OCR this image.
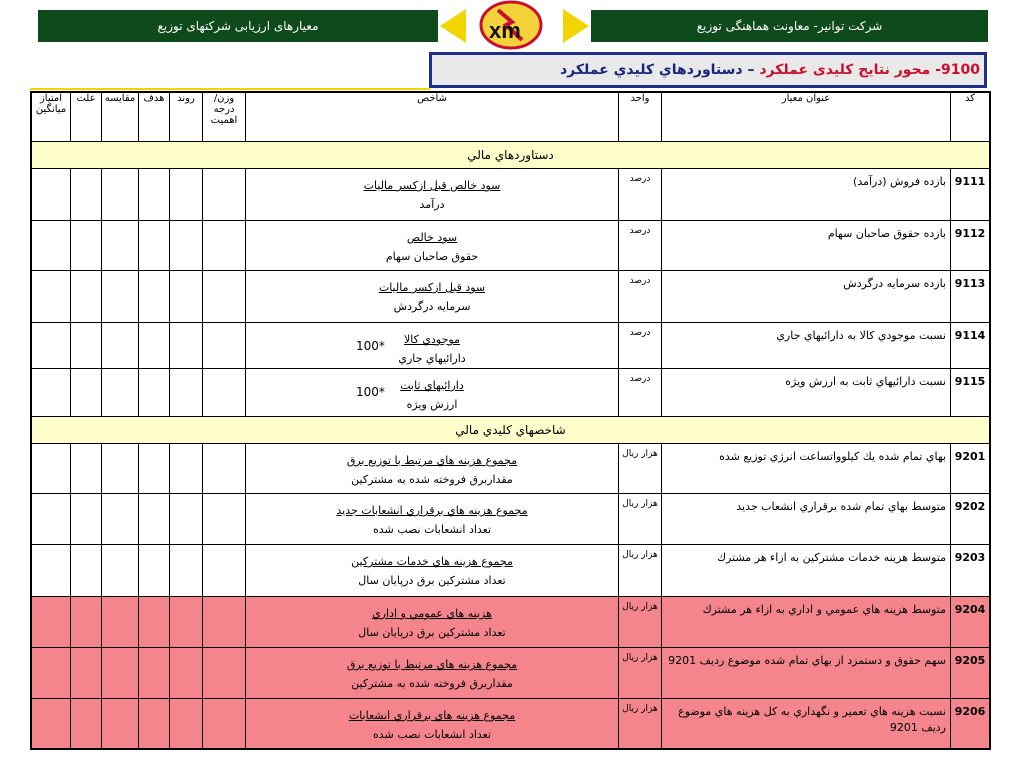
معیارهای ارزیابی شرکتهای توزیع	xm	شرکت توانیر- معاونت هماهنگی توزیع
9100- محور نتایج کلیدی عملکرد
–
دستاوردهاي كليدي عملكرد
کد	عنوان معيار	واحد	شاخص	وزن/ درجه اهميت	روند	هدف	مقايسه	علت	امتياز ميانگين
دستاوردهاي مالي									
9111	بازده فروش (درآمد)	درصد	سود خالص قبل ازكسر ماليات
درآمد						

9112	بازده حقوق صاحبان سهام	درصد	سود خالص
حقوق صاحبان سهام						

9113	بازده سرمايه درگردش	درصد	سود قبل ازكسر ماليات
سرمايه درگردش						

9114	نسبت موجودي كالا به دارائيهاي جاري	درصد	موجودي كالا
دارائيهاي جاري
100*						

9115	نسبت دارائيهاي ثابت به ارزش ويژه	درصد	دارائيهاي ثابت
ارزش ويژه
100*						

شاخصهاي كليدي مالي									
9201	بهاي تمام شده يك كيلوواتساعت انرژي توزيع شده	هزار ريال	مجموع هزينه هاي مرتبط با توزيع برق
مقداربرق فروخته شده به مشتركين						

9202	متوسط بهاي تمام شده برقراري انشعاب جديد	هزار ريال	مجموع هزينه هاي برقراري انشعابات جديد
تعداد انشعابات نصب شده						

9203	متوسط هزينه خدمات مشتركين به ازاء هر مشترك	هزار ريال	مجموع هزينه هاي خدمات مشتركين
تعداد مشتركين برق درپايان سال						

9204	متوسط هزينه هاي عمومي و اداري به ازاء هر مشترك	هزار ريال	هزينه هاي عمومي و اداري
تعداد مشتركين برق درپايان سال						

9205	سهم حقوق و دستمزد از بهاي تمام شده موضوع رديف 9201	هزار ريال	مجموع هزينه هاي مرتبط با توزيع برق
مقداربرق فروخته شده به مشتركين						

9206	نسبت هزينه هاي تعمير و نگهداري به كل هزينه هاي موضوع رديف 9201	هزار ريال	مجموع هزينه هاي برقراري انشعابات
تعداد انشعابات نصب شده						
